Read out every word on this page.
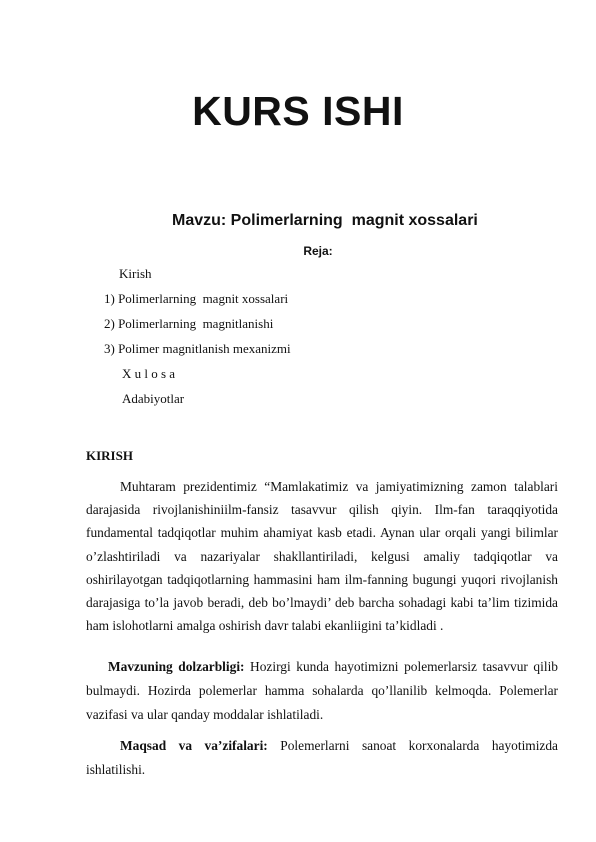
KURS ISHI
Mavzu: Polimerlarning  magnit xossalari
Reja:
Kirish
1) Polimerlarning  magnit xossalari
2) Polimerlarning  magnitlanishi
3) Polimer magnitlanish mexanizmi
X u l o s a
Adabiyotlar
KIRISH

Muhtaram prezidentimiz “Mamlakatimiz va jamiyatimizning zamon talablari darajasida rivojlanishiniilm-fansiz tasavvur qilish qiyin. Ilm-fan taraqqiyotida fundamental tadqiqotlar muhim ahamiyat kasb etadi. Aynan ular orqali yangi bilimlar o’zlashtiriladi va nazariyalar shakllantiriladi, kelgusi amaliy tadqiqotlar va oshirilayotgan tadqiqotlarning hammasini ham ilm-fanning bugungi yuqori rivojlanish darajasiga to’la javob beradi, deb bo’lmaydi’ deb barcha sohadagi kabi ta’lim tizimida ham islohotlarni amalga oshirish davr talabi ekanliigini ta’kidladi .

Mavzuning dolzarbligi: Hozirgi kunda hayotimizni polemerlarsiz tasavvur qilib bulmaydi. Hozirda polemerlar hamma sohalarda qo’llanilib kelmoqda. Polemerlar vazifasi va ular qanday moddalar ishlatiladi.

Maqsad va va’zifalari: Polemerlarni sanoat korxonalarda hayotimizda ishlatilishi.
